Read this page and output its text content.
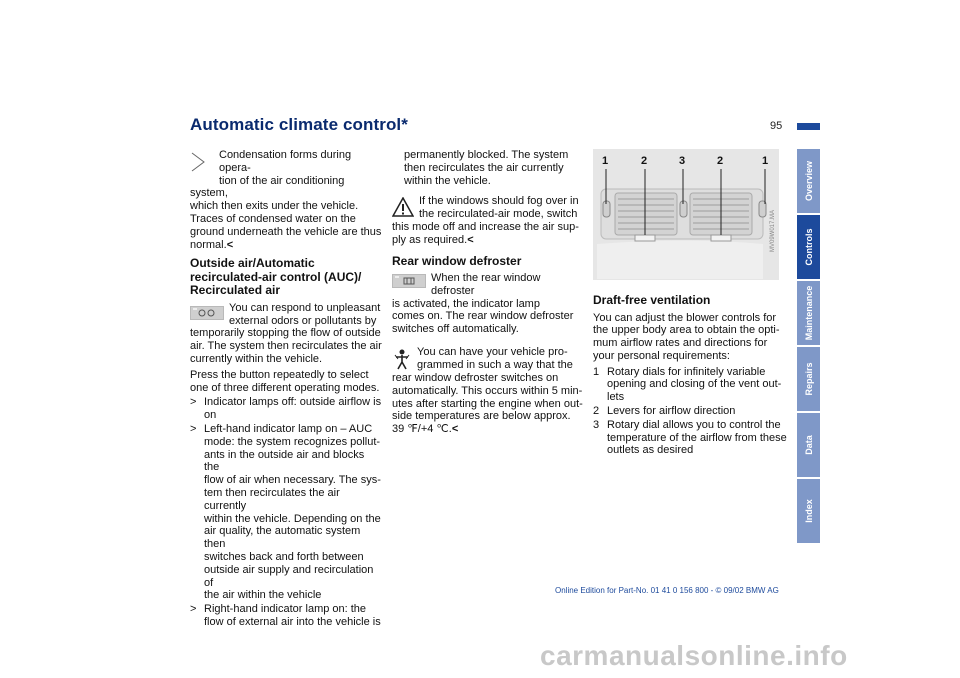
Automatic climate control*	95
Condensation forms during opera-
tion of the air conditioning system,
which then exits under the vehicle.
Traces of condensed water on the
ground underneath the vehicle are thus
normal.<
Outside air/Automatic
recirculated-air control (AUC)/
Recirculated air
You can respond to unpleasant
external odors or pollutants by
temporarily stopping the flow of outside
air. The system then recirculates the air
currently within the vehicle.
Press the button repeatedly to select
one of three different operating modes.
> Indicator lamps off: outside airflow is
on
> Left-hand indicator lamp on – AUC
mode: the system recognizes pollut-
ants in the outside air and blocks the
flow of air when necessary. The sys-
tem then recirculates the air currently
within the vehicle. Depending on the
air quality, the automatic system then
switches back and forth between
outside air supply and recirculation of
the air within the vehicle
> Right-hand indicator lamp on: the
flow of external air into the vehicle is
permanently blocked. The system
then recirculates the air currently
within the vehicle.
If the windows should fog over in
the recirculated-air mode, switch
this mode off and increase the air sup-
ply as required.<
Rear window defroster
When the rear window defroster
is activated, the indicator lamp
comes on. The rear window defroster
switches off automatically.
You can have your vehicle pro-
grammed in such a way that the
rear window defroster switches on
automatically. This occurs within 5 min-
utes after starting the engine when out-
side temperatures are below approx.
39 ℉/+4 ℃.<
1	2	3	2	1
MV09W017.MA
Draft-free ventilation
You can adjust the blower controls for
the upper body area to obtain the opti-
mum airflow rates and directions for
your personal requirements:
1 Rotary dials for infinitely variable
opening and closing of the vent out-
lets
2 Levers for airflow direction
3 Rotary dial allows you to control the
temperature of the airflow from these
outlets as desired
Overview
Controls
Maintenance
Repairs
Data
Index
Online Edition for Part-No. 01 41 0 156 800 - © 09/02 BMW AG
carmanualsonline.info
